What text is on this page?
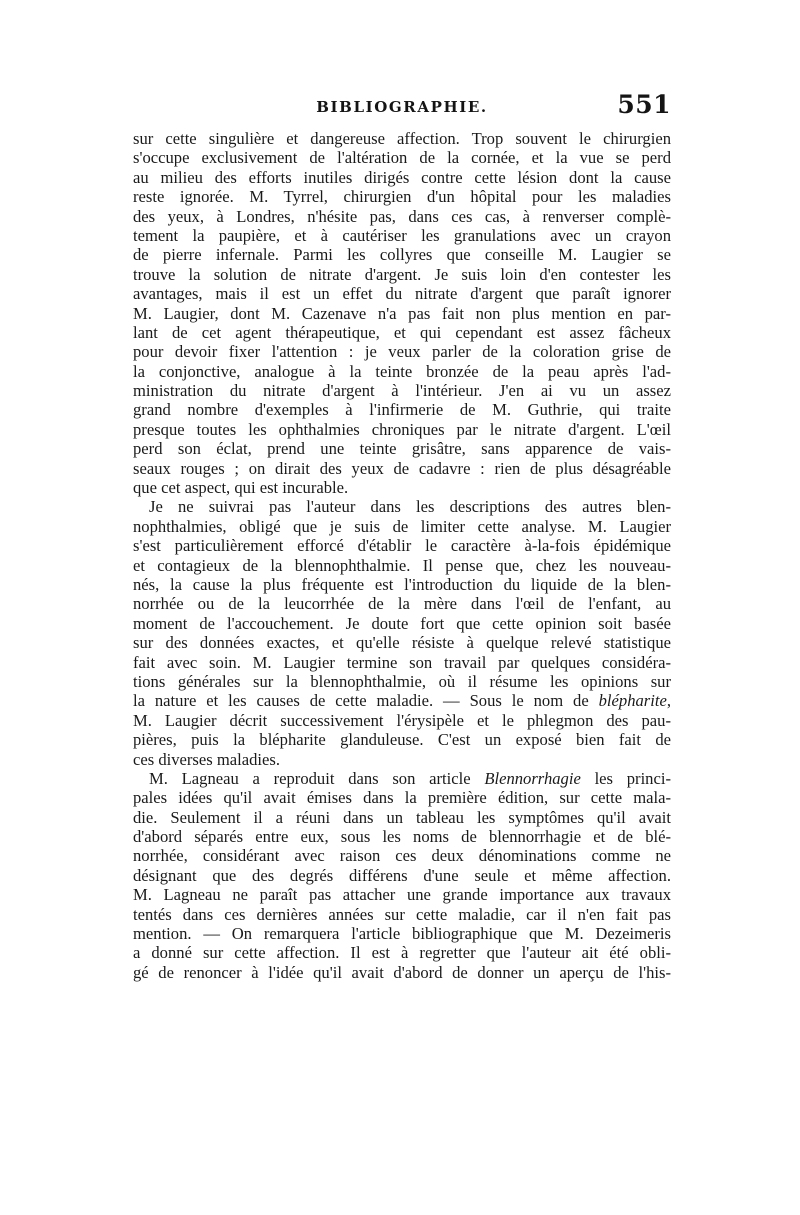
BIBLIOGRAPHIE.	551
sur cette singulière et dangereuse affection. Trop souvent le chirurgien
s'occupe exclusivement de l'altération de la cornée, et la vue se perd
au milieu des efforts inutiles dirigés contre cette lésion dont la cause
reste ignorée. M. Tyrrel, chirurgien d'un hôpital pour les maladies
des yeux, à Londres, n'hésite pas, dans ces cas, à renverser complè-
tement la paupière, et à cautériser les granulations avec un crayon
de pierre infernale. Parmi les collyres que conseille M. Laugier se
trouve la solution de nitrate d'argent. Je suis loin d'en contester les
avantages, mais il est un effet du nitrate d'argent que paraît ignorer
M. Laugier, dont M. Cazenave n'a pas fait non plus mention en par-
lant de cet agent thérapeutique, et qui cependant est assez fâcheux
pour devoir fixer l'attention : je veux parler de la coloration grise de
la conjonctive, analogue à la teinte bronzée de la peau après l'ad-
ministration du nitrate d'argent à l'intérieur. J'en ai vu un assez
grand nombre d'exemples à l'infirmerie de M. Guthrie, qui traite
presque toutes les ophthalmies chroniques par le nitrate d'argent. L'œil
perd son éclat, prend une teinte grisâtre, sans apparence de vais-
seaux rouges ; on dirait des yeux de cadavre : rien de plus désagréable
que cet aspect, qui est incurable.
Je ne suivrai pas l'auteur dans les descriptions des autres blen-
nophthalmies, obligé que je suis de limiter cette analyse. M. Laugier
s'est particulièrement efforcé d'établir le caractère à-la-fois épidémique
et contagieux de la blennophthalmie. Il pense que, chez les nouveau-
nés, la cause la plus fréquente est l'introduction du liquide de la blen-
norrhée ou de la leucorrhée de la mère dans l'œil de l'enfant, au
moment de l'accouchement. Je doute fort que cette opinion soit basée
sur des données exactes, et qu'elle résiste à quelque relevé statistique
fait avec soin. M. Laugier termine son travail par quelques considéra-
tions générales sur la blennophthalmie, où il résume les opinions sur
la nature et les causes de cette maladie. — Sous le nom de blépharite,
M. Laugier décrit successivement l'érysipèle et le phlegmon des pau-
pières, puis la blépharite glanduleuse. C'est un exposé bien fait de
ces diverses maladies.
M. Lagneau a reproduit dans son article Blennorrhagie les princi-
pales idées qu'il avait émises dans la première édition, sur cette mala-
die. Seulement il a réuni dans un tableau les symptômes qu'il avait
d'abord séparés entre eux, sous les noms de blennorrhagie et de blé-
norrhée, considérant avec raison ces deux dénominations comme ne
désignant que des degrés différens d'une seule et même affection.
M. Lagneau ne paraît pas attacher une grande importance aux travaux
tentés dans ces dernières années sur cette maladie, car il n'en fait pas
mention. — On remarquera l'article bibliographique que M. Dezeimeris
a donné sur cette affection. Il est à regretter que l'auteur ait été obli-
gé de renoncer à l'idée qu'il avait d'abord de donner un aperçu de l'his-
